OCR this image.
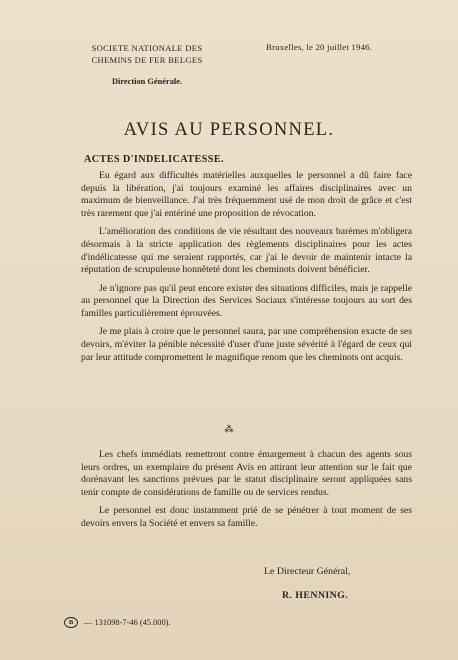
SOCIETE NATIONALE DES
CHEMINS DE FER BELGES
Direction Générale.
Bruxelles, le 20 juillet 1946.
AVIS AU PERSONNEL.
ACTES D'INDELICATESSE.

Eu égard aux difficultés matérielles auxquelles le personnel a dû faire face depuis la libération, j'ai toujours examiné les affaires disciplinaires avec un maximum de bienveillance. J'ai très fréquemment usé de mon droit de grâce et c'est très rarement que j'ai entériné une proposition de révocation.

L'amélioration des conditions de vie résultant des nouveaux barèmes m'obligera désormais à la stricte application des règlements disciplinaires pour les actes d'indélicatesse qui me seraient rapportés, car j'ai le devoir de maintenir intacte la réputation de scrupuleuse honnêteté dont les cheminots doivent bénéficier.

Je n'ignore pas qu'il peut encore exister des situations difficiles, mais je rappelle au personnel que la Direction des Services Sociaux s'intéresse toujours au sort des familles particulièrement éprouvées.

Je me plais à croire que le personnel saura, par une compréhension exacte de ses devoirs, m'éviter la pénible nécessité d'user d'une juste sévérité à l'égard de ceux qui par leur attitude compromettent le magnifique renom que les cheminots ont acquis.

⁂

Les chefs immédiats remettront contre émargement à chacun des agents sous leurs ordres, un exemplaire du présent Avis en attirant leur attention sur le fait que dorénavant les sanctions prévues par le statut disciplinaire seront appliquées sans tenir compte de considérations de famille ou de services rendus.

Le personnel est donc instamment prié de se pénétrer à tout moment de ses devoirs envers la Société et envers sa famille.

Le Directeur Général,
R. HENNING.
B	— 131098-7-46 (45.000).
